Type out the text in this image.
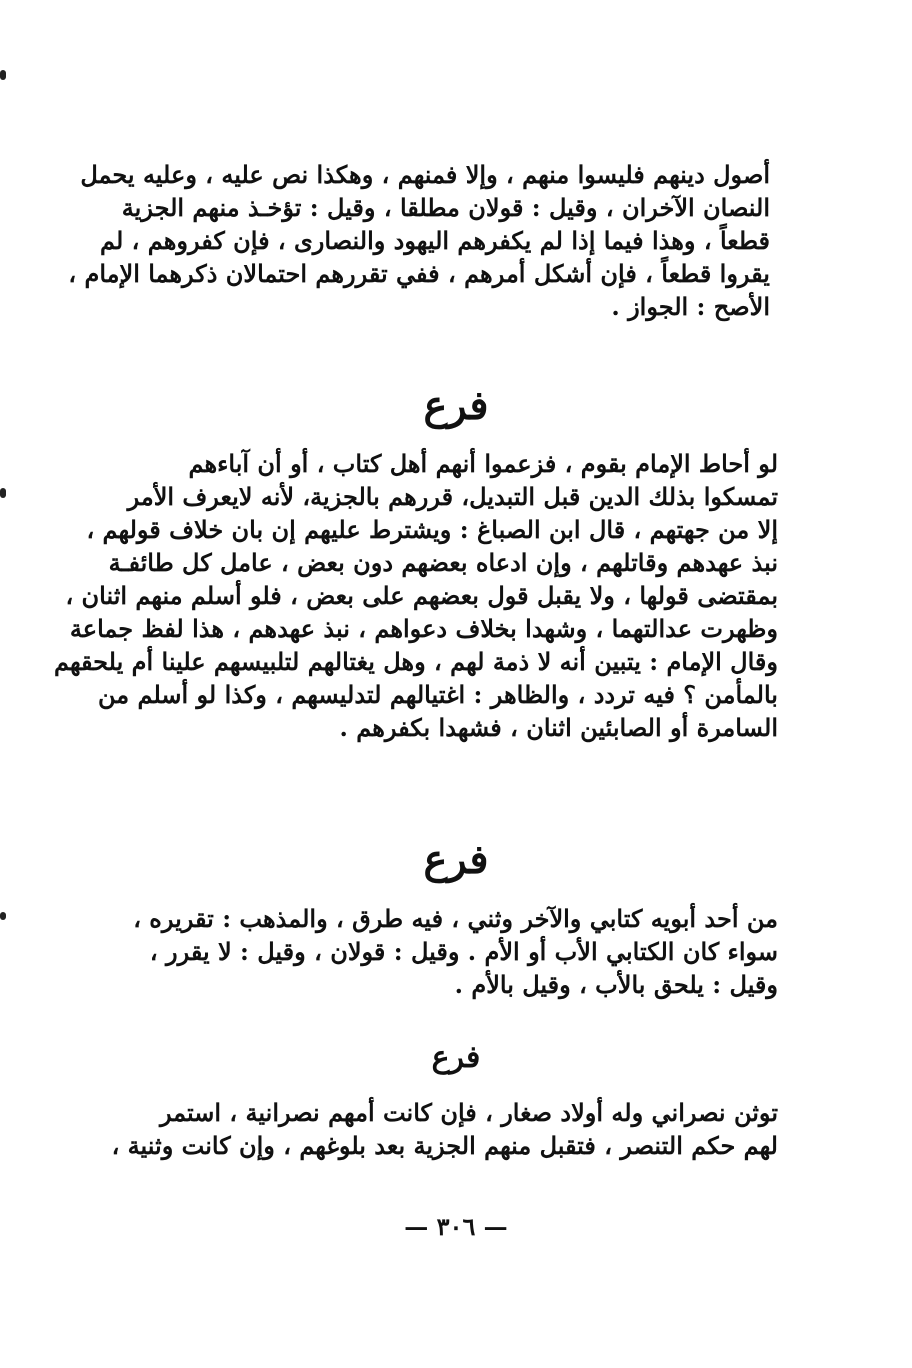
أصول دينهم فليسوا منهم ، وإلا فمنهم ، وهكذا نص عليه ، وعليه يحمل
النصان الآخران ، وقيل : قولان مطلقا ، وقيل : تؤخـذ منهم الجزية
قطعاً ، وهذا فيما إذا لم يكفرهم اليهود والنصارى ، فإن كفروهم ، لم
يقروا قطعاً ، فإن أشكل أمرهم ، ففي تقررهم احتمالان ذكرهما الإمام ،
الأصح : الجواز .
فرع
لو أحاط الإمام بقوم ، فزعموا أنهم أهل كتاب ، أو أن آباءهم
تمسكوا بذلك الدين قبل التبديل، قررهم بالجزية، لأنه لايعرف الأمر
إلا من جهتهم ، قال ابن الصباغ : ويشترط عليهم إن بان خلاف قولهم ،
نبذ عهدهم وقاتلهم ، وإن ادعاه بعضهم دون بعض ، عامل كل طائفـة
بمقتضى قولها ، ولا يقبل قول بعضهم على بعض ، فلو أسلم منهم اثنان ،
وظهرت عدالتهما ، وشهدا بخلاف دعواهم ، نبذ عهدهم ، هذا لفظ جماعة
وقال الإمام : يتبين أنه لا ذمة لهم ، وهل يغتالهم لتلبيسهم علينا أم يلحقهم
بالمأمن ؟ فيه تردد ، والظاهر : اغتيالهم لتدليسهم ، وكذا لو أسلم من
السامرة أو الصابئين اثنان ، فشهدا بكفرهم .
فرع
من أحد أبويه كتابي والآخر وثني ، فيه طرق ، والمذهب : تقريره ،
سواء كان الكتابي الأب أو الأم . وقيل : قولان ، وقيل : لا يقرر ،
وقيل : يلحق بالأب ، وقيل بالأم .
فرع
توثن نصراني وله أولاد صغار ، فإن كانت أمهم نصرانية ، استمر
لهم حكم التنصر ، فتقبل منهم الجزية بعد بلوغهم ، وإن كانت وثنية ،
— ٣٠٦ —
